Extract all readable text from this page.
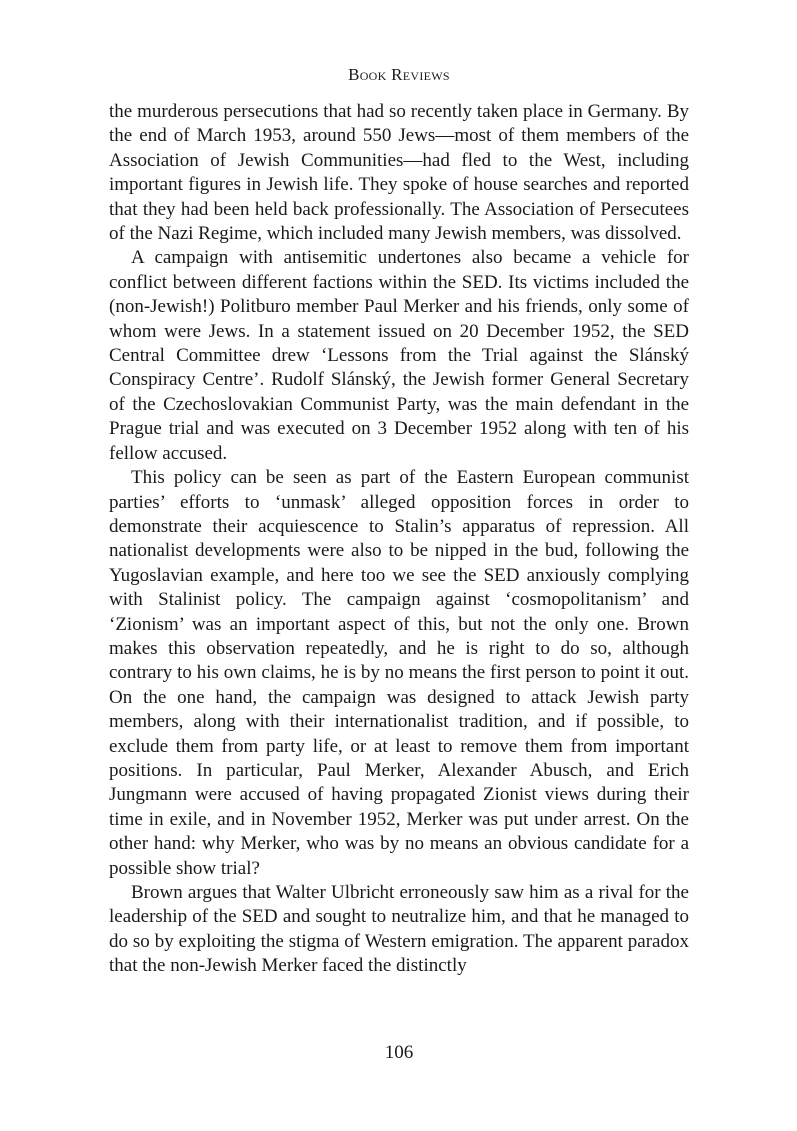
Book Reviews

the murderous persecutions that had so recently taken place in Germany. By the end of March 1953, around 550 Jews—most of them members of the Association of Jewish Communities—had fled to the West, including important figures in Jewish life. They spoke of house searches and reported that they had been held back professionally. The Association of Persecutees of the Nazi Regime, which included many Jewish members, was dissolved.

A campaign with antisemitic undertones also became a vehicle for conflict between different factions within the SED. Its victims included the (non-Jewish!) Politburo member Paul Merker and his friends, only some of whom were Jews. In a statement issued on 20 December 1952, the SED Central Committee drew ‘Lessons from the Trial against the Slánský Conspiracy Centre’. Rudolf Slánský, the Jewish former General Secretary of the Czechoslovakian Communist Party, was the main defendant in the Prague trial and was executed on 3 December 1952 along with ten of his fellow accused.

This policy can be seen as part of the Eastern European communist parties’ efforts to ‘unmask’ alleged opposition forces in order to demonstrate their acquiescence to Stalin’s apparatus of repression. All nationalist developments were also to be nipped in the bud, following the Yugoslavian example, and here too we see the SED anxiously complying with Stalinist policy. The campaign against ‘cosmopolitanism’ and ‘Zionism’ was an important aspect of this, but not the only one. Brown makes this observation repeatedly, and he is right to do so, although contrary to his own claims, he is by no means the first person to point it out. On the one hand, the campaign was designed to attack Jewish party members, along with their internationalist tradition, and if possible, to exclude them from party life, or at least to remove them from important positions. In particular, Paul Merker, Alexander Abusch, and Erich Jungmann were accused of having propagated Zionist views during their time in exile, and in November 1952, Merker was put under arrest. On the other hand: why Merker, who was by no means an obvious candidate for a possible show trial?

Brown argues that Walter Ulbricht erroneously saw him as a rival for the leadership of the SED and sought to neutralize him, and that he managed to do so by exploiting the stigma of Western emigration. The apparent paradox that the non-Jewish Merker faced the distinctly

106
